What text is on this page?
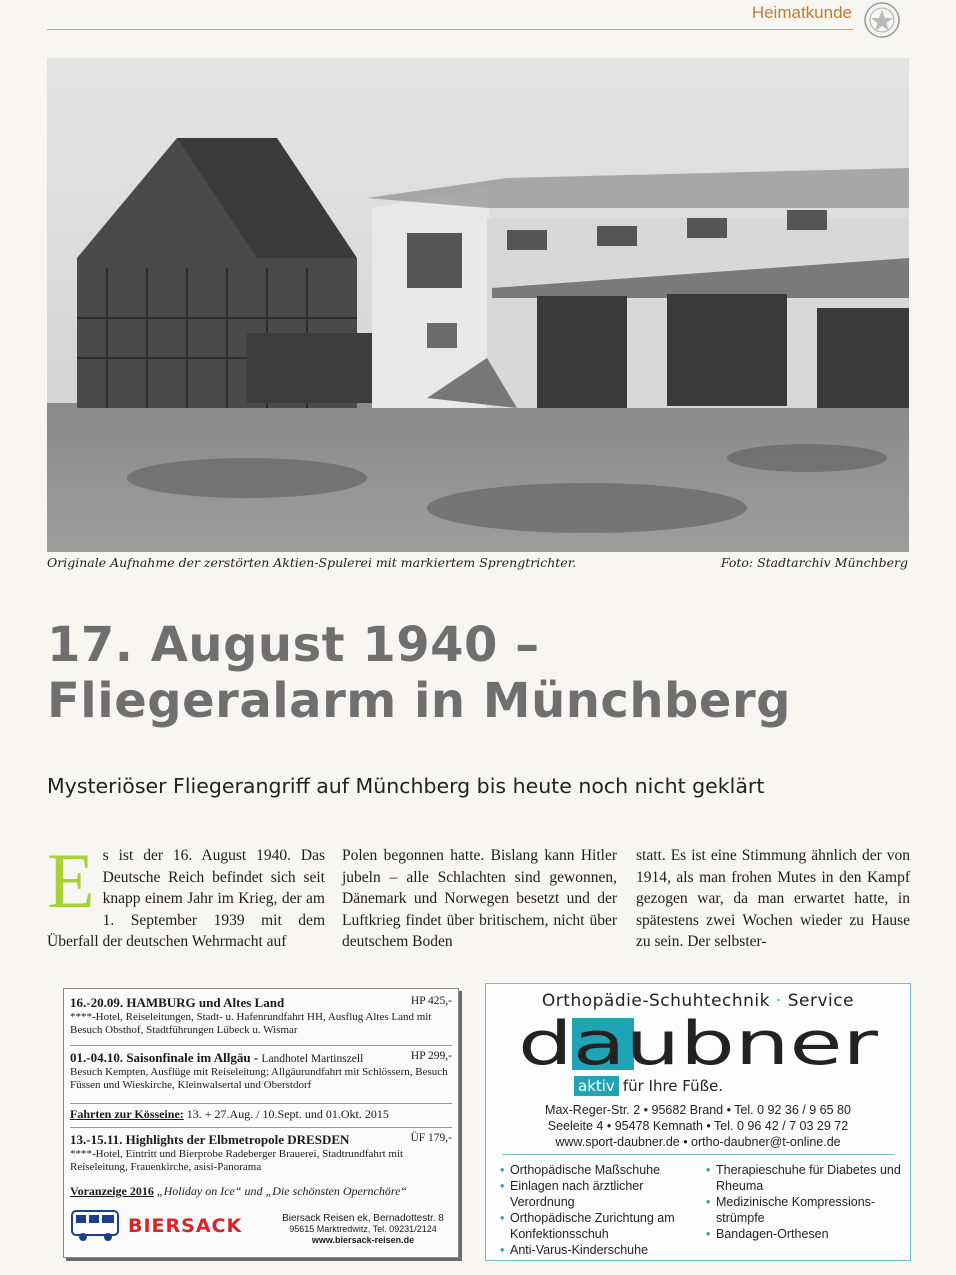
Heimatkunde
Originale Aufnahme der zerstörten Aktien-Spulerei mit markiertem Sprengtrichter.	Foto: Stadtarchiv Münchberg
17. August 1940 –
Fliegeralarm in Münchberg
Mysteriöser Fliegerangriff auf Münchberg bis heute noch nicht geklärt
E s ist der 16. August 1940. Das Deutsche Reich befindet sich seit knapp einem Jahr im Krieg, der am 1. September 1939 mit dem Überfall der deutschen Wehrmacht auf
Polen begonnen hatte. Bislang kann Hitler jubeln – alle Schlachten sind gewonnen, Dänemark und Norwegen besetzt und der Luftkrieg findet über britischem, nicht über deutschem Boden
statt. Es ist eine Stimmung ähnlich der von 1914, als man frohen Mutes in den Kampf gezogen war, da man erwartet hatte, in spätestens zwei Wochen wieder zu Hause zu sein. Der selbster-
16.-20.09. HAMBURG und Altes Land	HP 425,-
****-Hotel, Reiseleitungen, Stadt- u. Hafenrundfahrt HH, Ausflug Altes Land mit Besuch Obsthof, Stadtführungen Lübeck u. Wismar
01.-04.10. Saisonfinale im Allgäu - Landhotel Martinszell	HP 299,-
Besuch Kempten, Ausflüge mit Reiseleitung: Allgäurundfahrt mit Schlössern, Besuch Füssen und Wieskirche, Kleinwalsertal und Oberstdorf
Fahrten zur Kösseine: 13. + 27.Aug. / 10.Sept. und 01.Okt. 2015
13.-15.11. Highlights der Elbmetropole DRESDEN	ÜF 179,-
****-Hotel, Eintritt und Bierprobe Radeberger Brauerei, Stadtrundfahrt mit Reiseleitung, Frauenkirche, asisi-Panorama
Voranzeige 2016 „Holiday on Ice“ und „Die schönsten Opernchöre“
BIERSACK	Biersack Reisen ek, Bernadottestr. 8
95615 Marktredwitz, Tel. 09231/2124
www.biersack-reisen.de
Orthopädie-Schuhtechnik · Service
daubner
aktiv für Ihre Füße.
Max-Reger-Str. 2 • 95682 Brand • Tel. 0 92 36 / 9 65 80
Seeleite 4 • 95478 Kemnath • Tel. 0 96 42 / 7 03 29 72
www.sport-daubner.de • ortho-daubner@t-online.de
• Orthopädische Maßschuhe
• Einlagen nach ärztlicher Verordnung
• Orthopädische Zurichtung am Konfektionsschuh
• Anti-Varus-Kinderschuhe
• Therapieschuhe für Diabetes und Rheuma
• Medizinische Kompressions-strümpfe
• Bandagen-Orthesen
